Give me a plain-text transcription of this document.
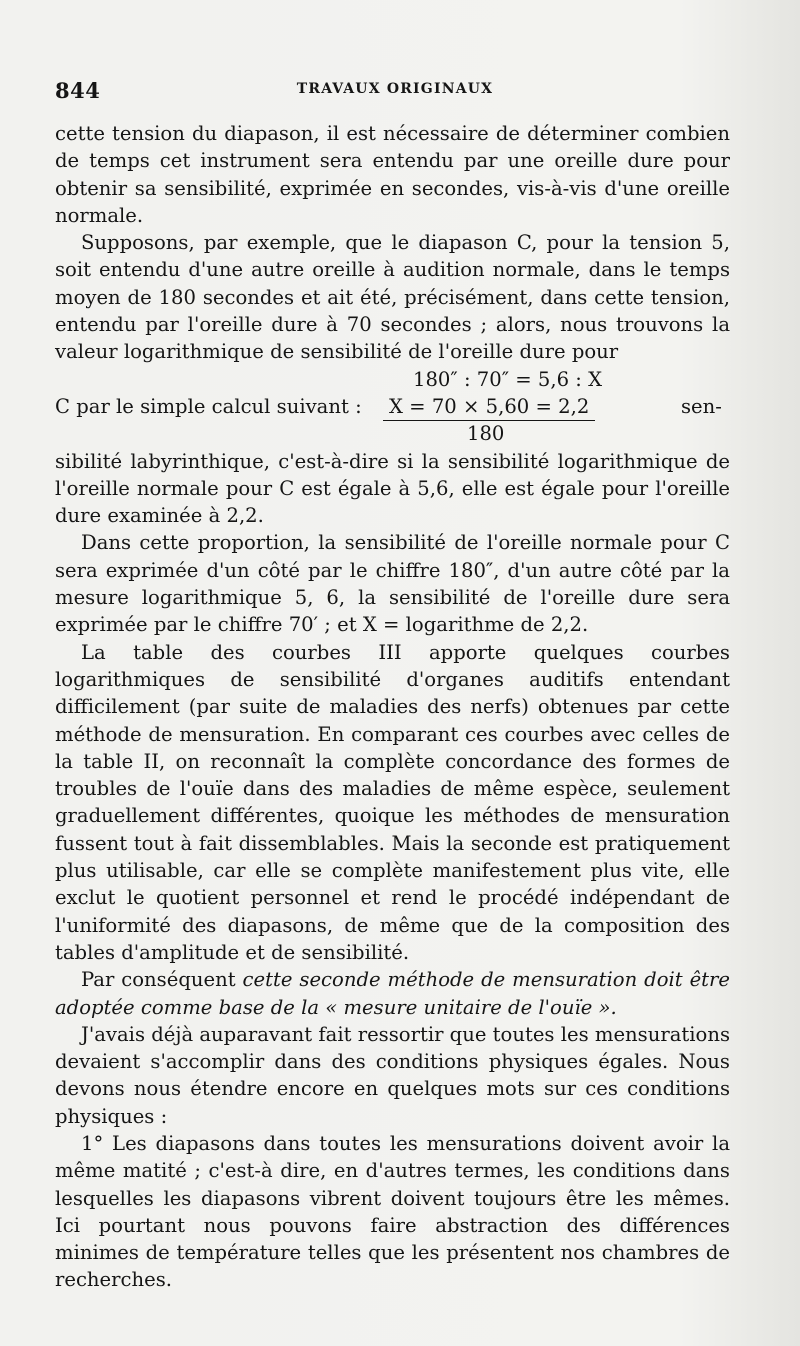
844	TRAVAUX ORIGINAUX

cette tension du diapason, il est nécessaire de déterminer combien de temps cet instrument sera entendu par une oreille dure pour obtenir sa sensibilité, exprimée en secondes, vis-à-vis d'une oreille normale.

Supposons, par exemple, que le diapason C, pour la tension 5, soit entendu d'une autre oreille à audition normale, dans le temps moyen de 180 secondes et ait été, précisément, dans cette tension, entendu par l'oreille dure à 70 secondes ; alors, nous trouvons la valeur logarithmique de sensibilité de l'oreille dure pour

180″ : 70″ = 5,6 : X
C par le simple calcul suivant :	X = 70 × 5,60 = 2,2	sen-
180

sibilité labyrinthique, c'est-à-dire si la sensibilité logarithmique de l'oreille normale pour C est égale à 5,6, elle est égale pour l'oreille dure examinée à 2,2.

Dans cette proportion, la sensibilité de l'oreille normale pour C sera exprimée d'un côté par le chiffre 180″, d'un autre côté par la mesure logarithmique 5, 6, la sensibilité de l'oreille dure sera exprimée par le chiffre 70′ ; et X = logarithme de 2,2.

La table des courbes III apporte quelques courbes logarithmiques de sensibilité d'organes auditifs entendant difficilement (par suite de maladies des nerfs) obtenues par cette méthode de mensuration. En comparant ces courbes avec celles de la table II, on reconnaît la complète concordance des formes de troubles de l'ouïe dans des maladies de même espèce, seulement graduellement différentes, quoique les méthodes de mensuration fussent tout à fait dissemblables. Mais la seconde est pratiquement plus utilisable, car elle se complète manifestement plus vite, elle exclut le quotient personnel et rend le procédé indépendant de l'uniformité des diapasons, de même que de la composition des tables d'amplitude et de sensibilité.

Par conséquent cette seconde méthode de mensuration doit être adoptée comme base de la « mesure unitaire de l'ouïe ».

J'avais déjà auparavant fait ressortir que toutes les mensurations devaient s'accomplir dans des conditions physiques égales. Nous devons nous étendre encore en quelques mots sur ces conditions physiques :

1° Les diapasons dans toutes les mensurations doivent avoir la même matité ; c'est-à dire, en d'autres termes, les conditions dans lesquelles les diapasons vibrent doivent toujours être les mêmes. Ici pourtant nous pouvons faire abstraction des différences minimes de température telles que les présentent nos chambres de recherches.
